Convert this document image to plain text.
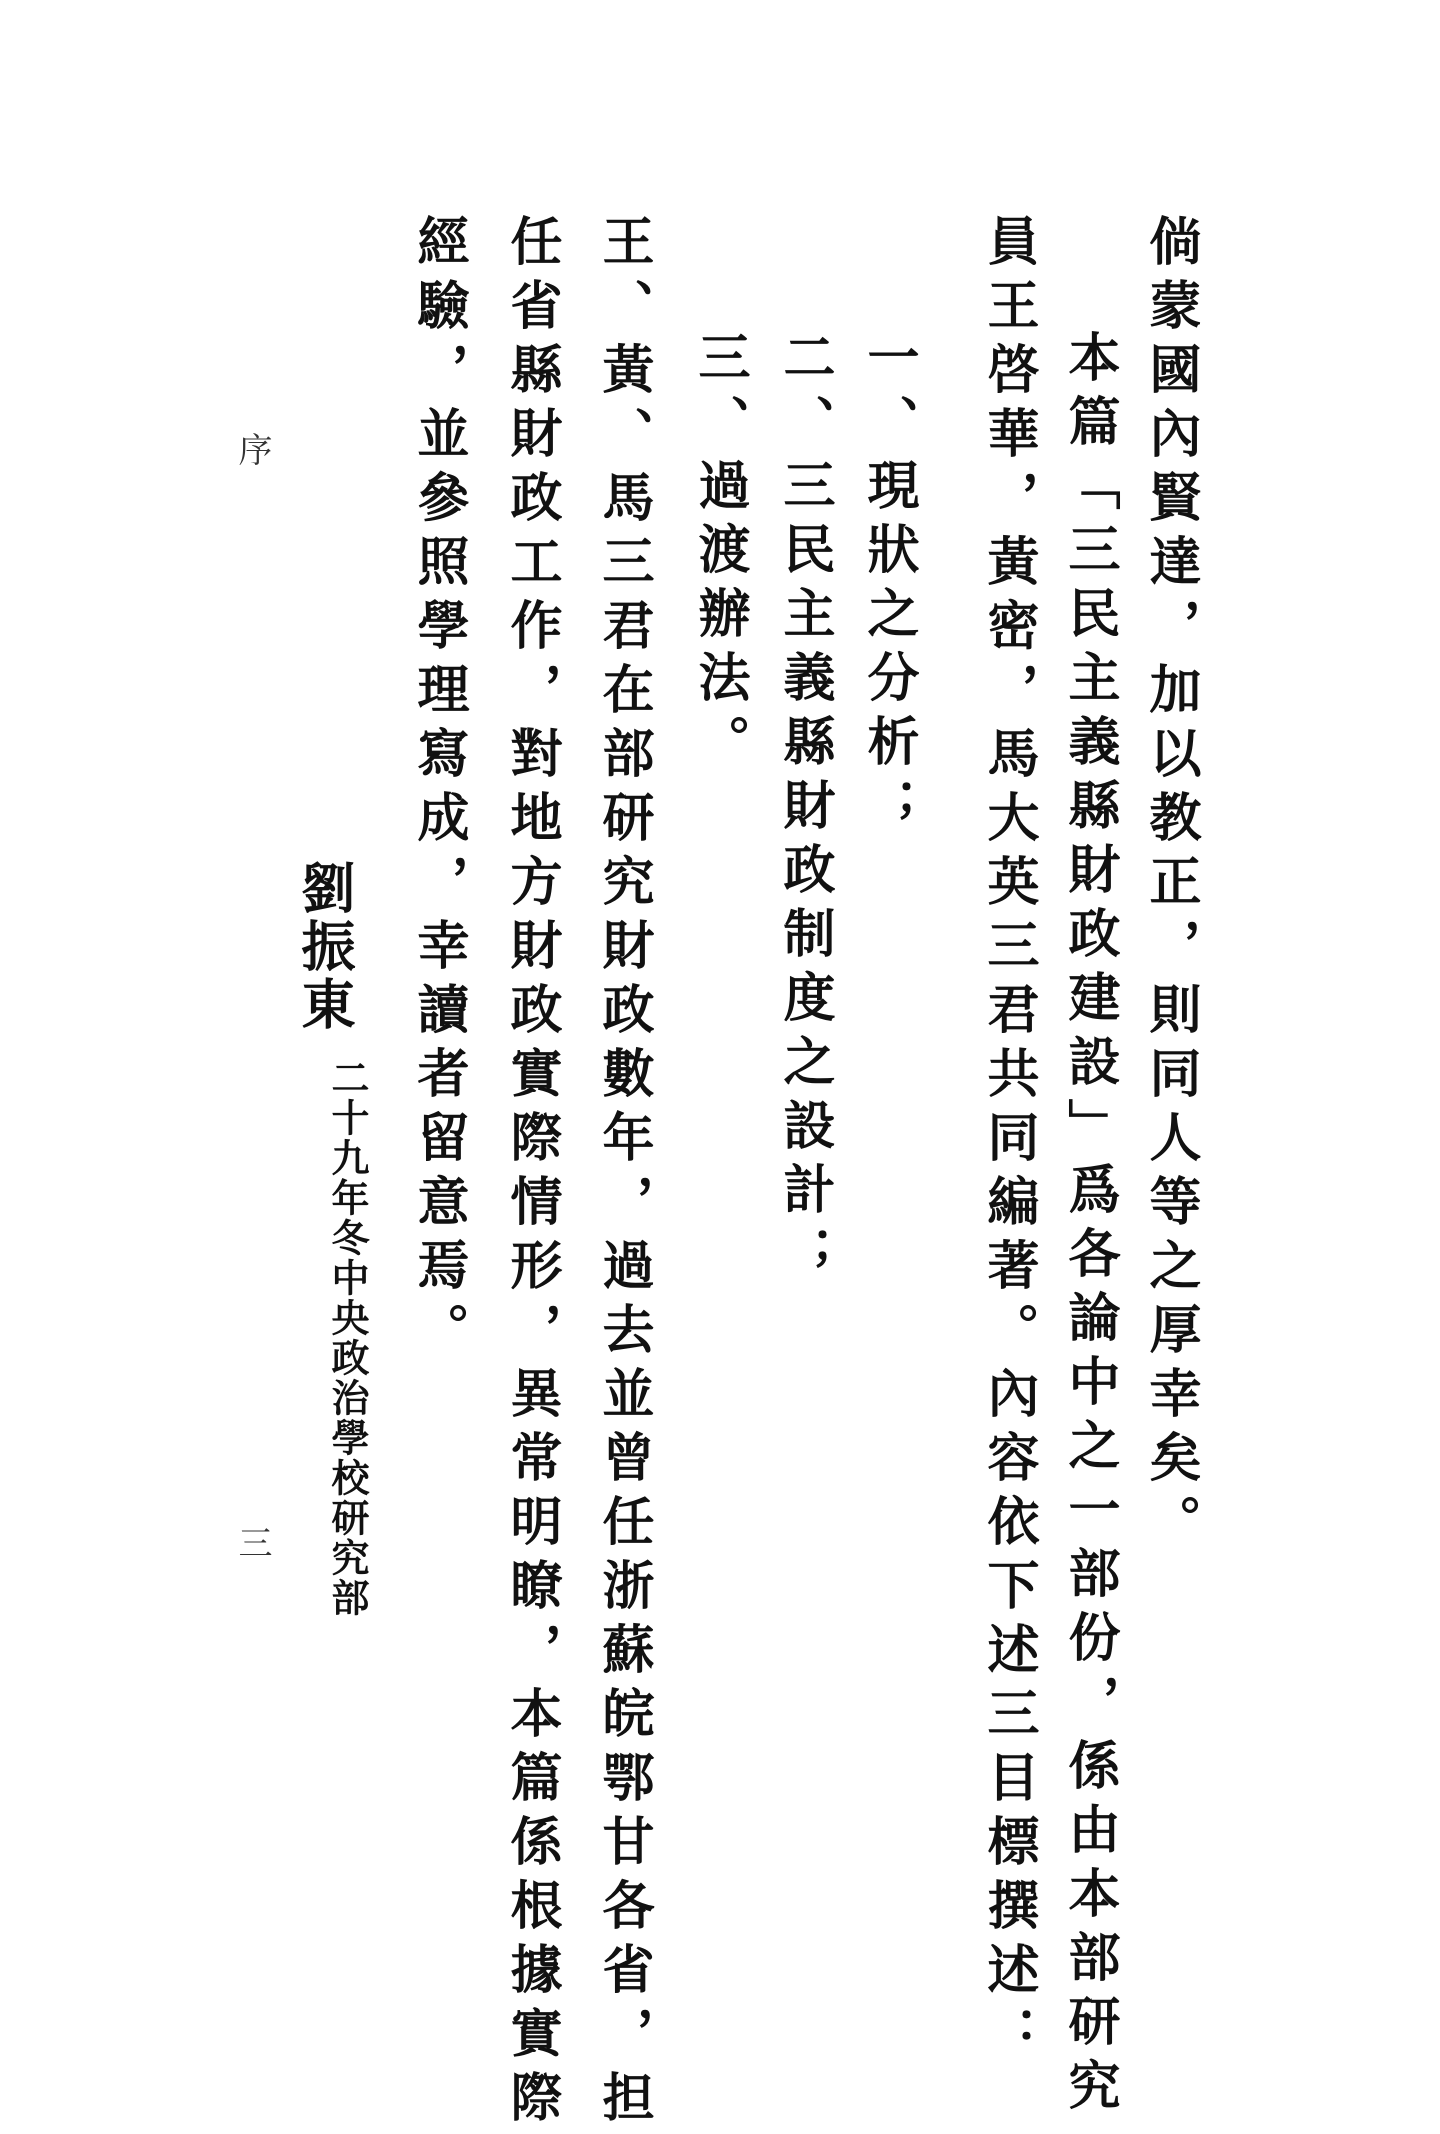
序
三	倘蒙國內賢達，加以教正，則同人等之厚幸矣。
本篇「三民主義縣財政建設」爲各論中之一部份，係由本部研究
員王啓華，黃密，馬大英三君共同編著。內容依下述三目標撰述：
一、現狀之分析；
二、三民主義縣財政制度之設計；
三、過渡辦法。
王、黃、馬三君在部研究財政數年，過去並曾任浙蘇皖鄂甘各省，担
任省縣財政工作，對地方財政實際情形，異常明瞭，本篇係根據實際
經驗，並參照學理寫成，幸讀者留意焉。
劉振東
二十九年冬中央政治學校研究部
